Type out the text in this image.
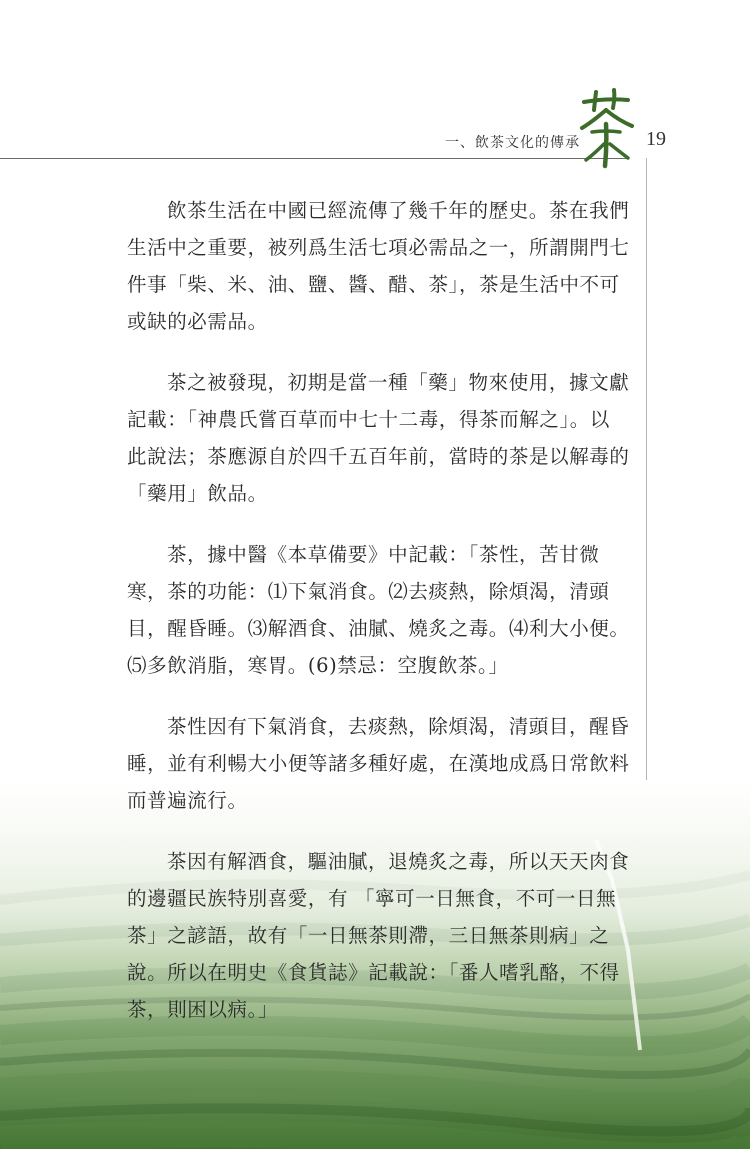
一、飲茶文化的傳承	19
飲茶生活在中國已經流傳了幾千年的歷史。茶在我們
生活中之重要，被列爲生活七項必需品之一，所謂開門七
件事「柴、米、油、鹽、醬、醋、茶」，茶是生活中不可
或缺的必需品。
茶之被發現，初期是當一種「藥」物來使用，據文獻
記載：「神農氏嘗百草而中七十二毒，得茶而解之」。以
此說法；茶應源自於四千五百年前，當時的茶是以解毒的
「藥用」飲品。
茶，據中醫《本草備要》中記載：「茶性，苦甘微
寒，茶的功能：⑴下氣消食。⑵去痰熱，除煩渴，清頭
目，醒昏睡。⑶解酒食、油膩、燒炙之毒。⑷利大小便。
⑸多飲消脂，寒胃。(6)禁忌：空腹飲茶。」
茶性因有下氣消食，去痰熱，除煩渴，清頭目，醒昏
睡，並有利暢大小便等諸多種好處，在漢地成爲日常飲料
而普遍流行。
茶因有解酒食，驅油膩，退燒炙之毒，所以天天肉食
的邊疆民族特別喜愛，有 「寧可一日無食，不可一日無
茶」之諺語，故有「一日無茶則滯，三日無茶則病」之
說。所以在明史《食貨誌》記載說：「番人嗜乳酪，不得
茶，則困以病。」
